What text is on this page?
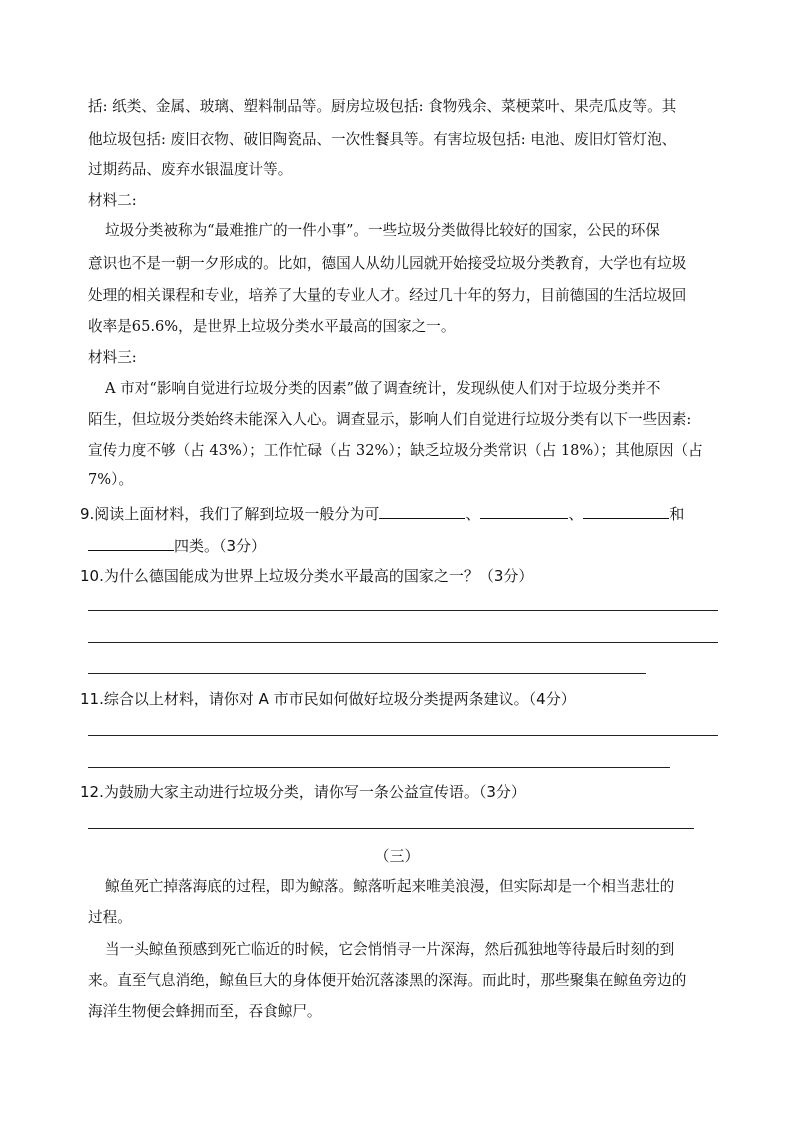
括: 纸类、金属、玻璃、塑料制品等。厨房垃圾包括: 食物残余、菜梗菜叶、果壳瓜皮等。其
他垃圾包括: 废旧衣物、破旧陶瓷品、一次性餐具等。有害垃圾包括: 电池、废旧灯管灯泡、
过期药品、废弃水银温度计等。
材料二:
垃圾分类被称为“最难推广的一件小事”。一些垃圾分类做得比较好的国家，公民的环保
意识也不是一朝一夕形成的。比如，德国人从幼儿园就开始接受垃圾分类教育，大学也有垃圾
处理的相关课程和专业，培养了大量的专业人才。经过几十年的努力，目前德国的生活垃圾回
收率是65.6%，是世界上垃圾分类水平最高的国家之一。
材料三:
A 市对“影响自觉进行垃圾分类的因素”做了调查统计，发现纵使人们对于垃圾分类并不
陌生，但垃圾分类始终未能深入人心。调查显示，影响人们自觉进行垃圾分类有以下一些因素:
宣传力度不够（占 43%）；工作忙碌（占 32%）；缺乏垃圾分类常识（占 18%）；其他原因（占
7%）。
9.阅读上面材料，我们了解到垃圾一般分为可	、	、	和
四类。（3分）
10.为什么德国能成为世界上垃圾分类水平最高的国家之一？（3分）
11.综合以上材料，请你对 A 市市民如何做好垃圾分类提两条建议。（4分）
12.为鼓励大家主动进行垃圾分类，请你写一条公益宣传语。（3分）
（三）
鲸鱼死亡掉落海底的过程，即为鲸落。鲸落听起来唯美浪漫，但实际却是一个相当悲壮的
过程。
当一头鲸鱼预感到死亡临近的时候，它会悄悄寻一片深海，然后孤独地等待最后时刻的到
来。直至气息消绝，鲸鱼巨大的身体便开始沉落漆黑的深海。而此时，那些聚集在鲸鱼旁边的
海洋生物便会蜂拥而至，吞食鲸尸。
